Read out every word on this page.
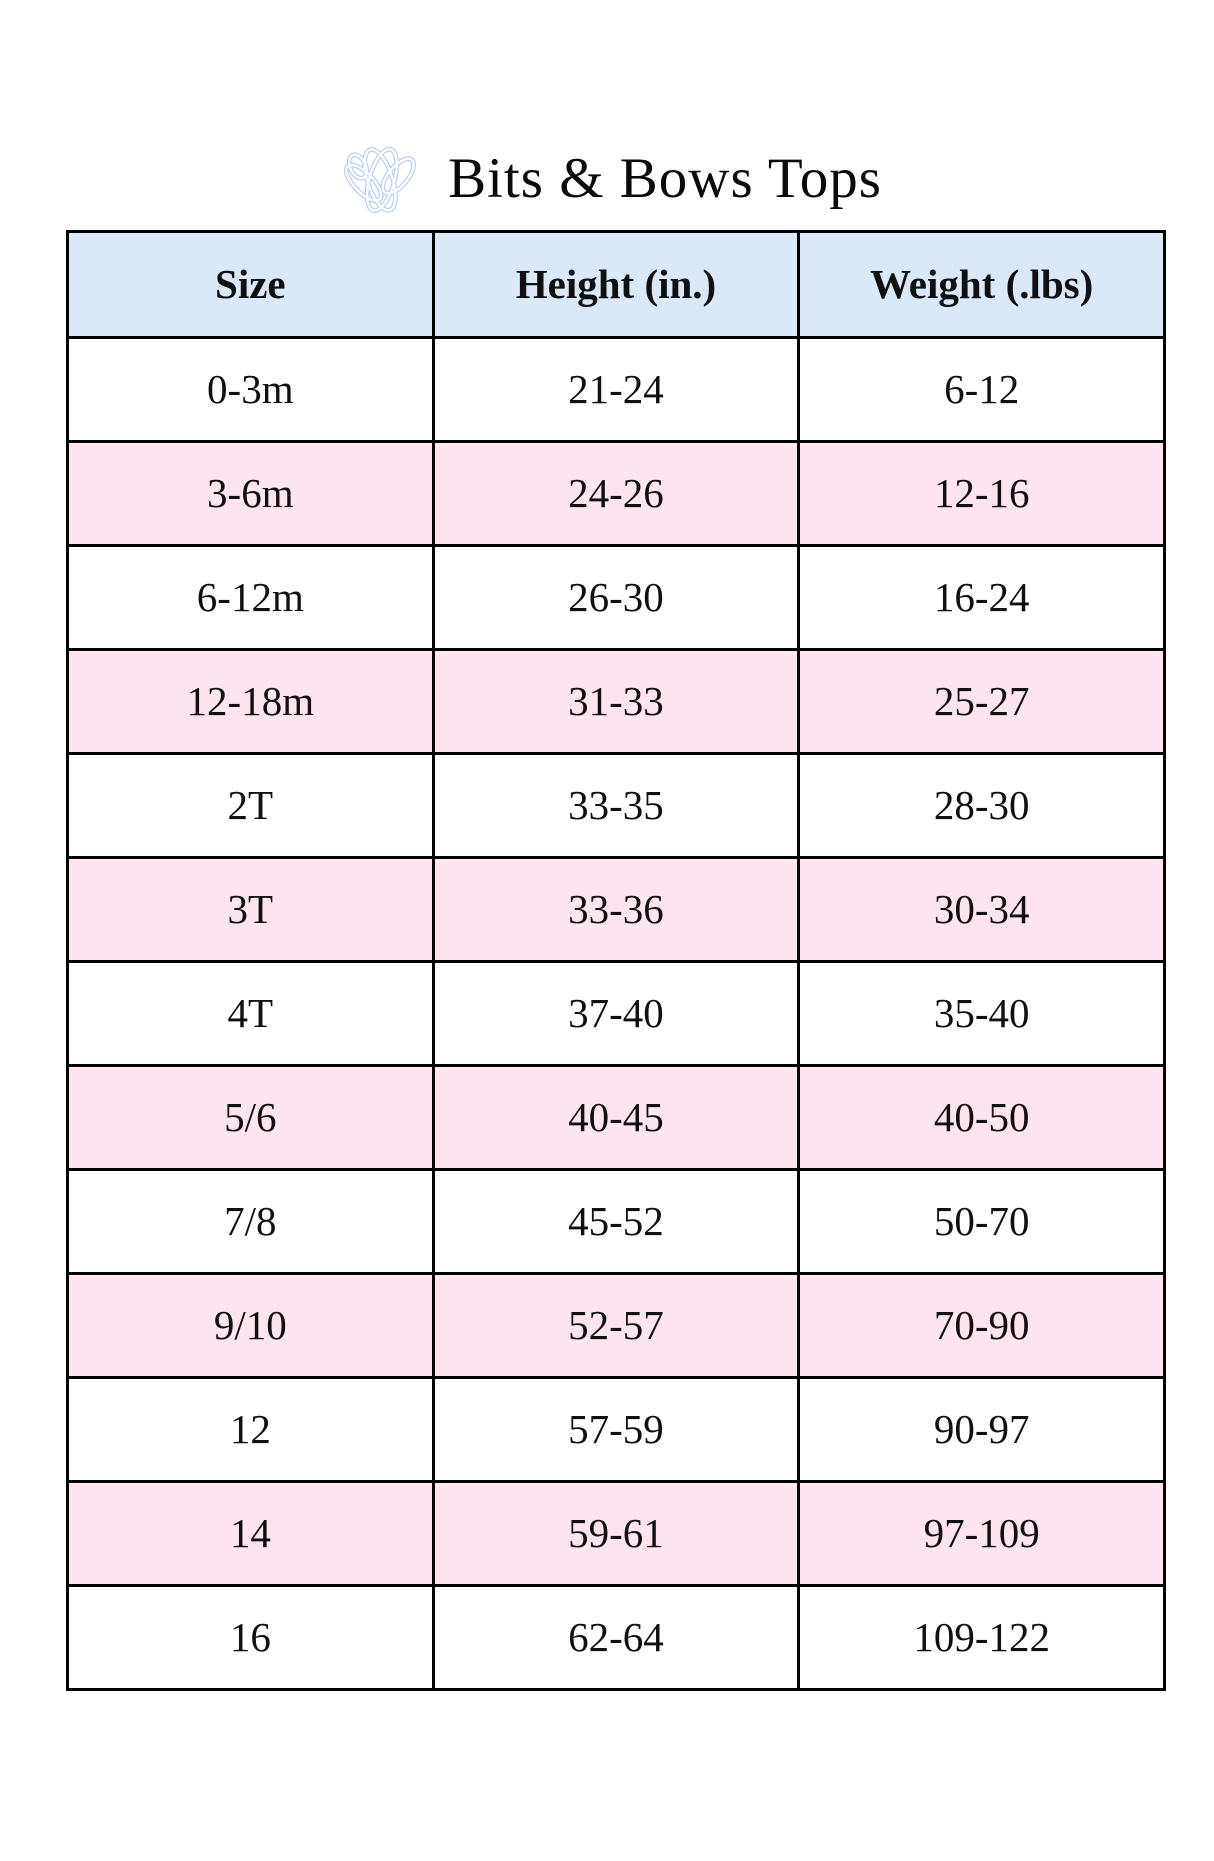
Bits & Bows Tops
Size	Height (in.)	Weight (.lbs)
0-3m	21-24	6-12
3-6m	24-26	12-16
6-12m	26-30	16-24
12-18m	31-33	25-27
2T	33-35	28-30
3T	33-36	30-34
4T	37-40	35-40
5/6	40-45	40-50
7/8	45-52	50-70
9/10	52-57	70-90
12	57-59	90-97
14	59-61	97-109
16	62-64	109-122
